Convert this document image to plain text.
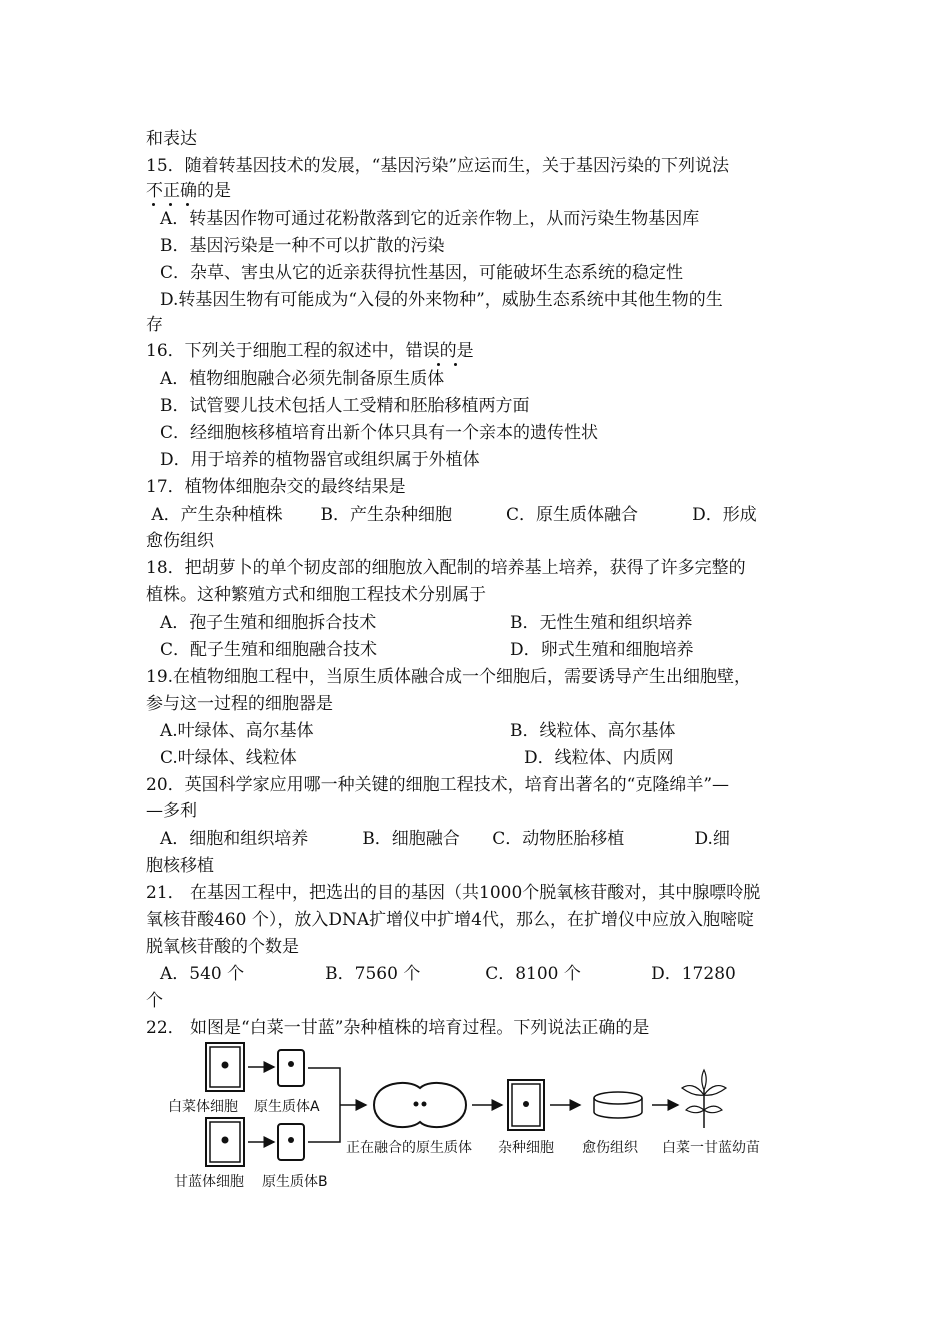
和表达
15．随着转基因技术的发展，“基因污染”应运而生，关于基因污染的下列说法
不正确的是
A．转基因作物可通过花粉散落到它的近亲作物上，从而污染生物基因库
B．基因污染是一种不可以扩散的污染
C．杂草、害虫从它的近亲获得抗性基因，可能破坏生态系统的稳定性
D.转基因生物有可能成为“入侵的外来物种”，威胁生态系统中其他生物的生
存
16．下列关于细胞工程的叙述中，错误的是
A．植物细胞融合必须先制备原生质体
B．试管婴儿技术包括人工受精和胚胎移植两方面
C．经细胞核移植培育出新个体只具有一个亲本的遗传性状
D．用于培养的植物器官或组织属于外植体
17．植物体细胞杂交的最终结果是
A．产生杂种植株       B．产生杂种细胞          C．原生质体融合          D．形成
愈伤组织
18．把胡萝卜的单个韧皮部的细胞放入配制的培养基上培养，获得了许多完整的
植株。这种繁殖方式和细胞工程技术分别属于
A．孢子生殖和细胞拆合技术	B．无性生殖和组织培养
C．配子生殖和细胞融合技术	D．卵式生殖和细胞培养
19.在植物细胞工程中，当原生质体融合成一个细胞后，需要诱导产生出细胞壁，
参与这一过程的细胞器是
A.叶绿体、高尔基体	B．线粒体、高尔基体
C.叶绿体、线粒体	D．线粒体、内质网
20．英国科学家应用哪一种关键的细胞工程技术，培育出著名的“克隆绵羊”—
—多利
A．细胞和组织培养          B．细胞融合      C．动物胚胎移植             D.细
胞核移植
21． 在基因工程中，把选出的目的基因（共1000个脱氧核苷酸对，其中腺嘌呤脱
氧核苷酸460 个），放入DNA扩增仪中扩增4代，那么，在扩增仪中应放入胞嘧啶
脱氧核苷酸的个数是
A．540 个               B．7560 个            C．8100 个             D．17280
个
22． 如图是“白菜一甘蓝”杂种植株的培育过程。下列说法正确的是
白菜体细胞 原生质体A
正在融合的原生质体 杂种细胞 愈伤组织 白菜一甘蓝幼苗
甘蓝体细胞 原生质体B
